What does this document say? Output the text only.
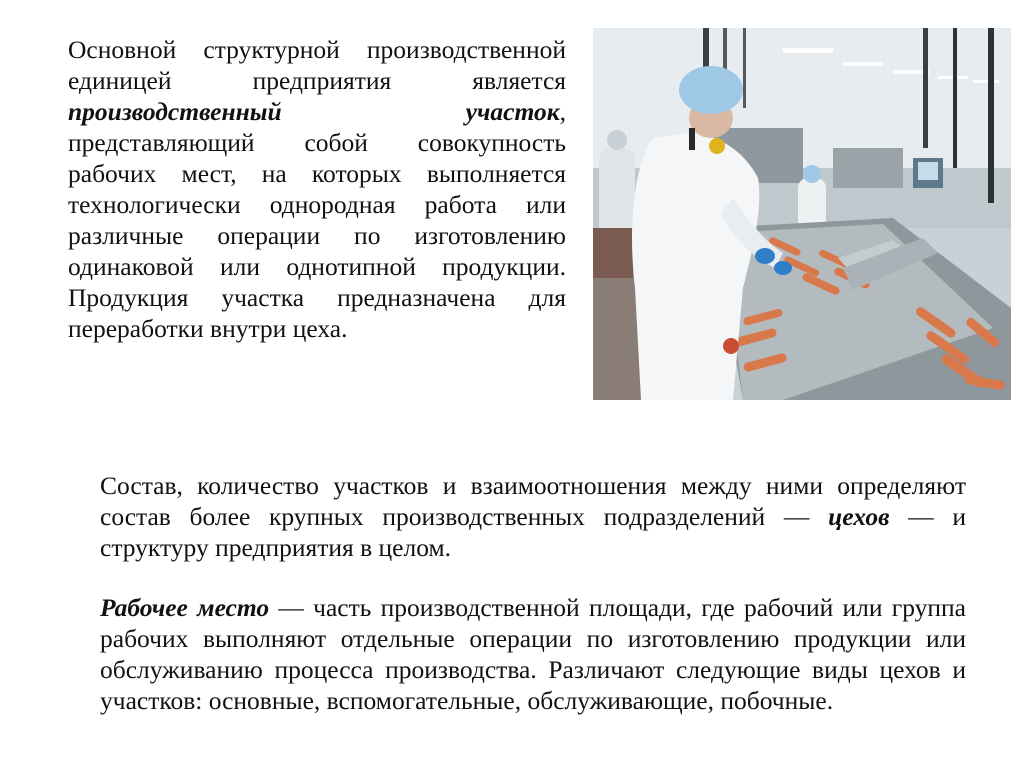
Основной структурной производственной единицей предприятия является производственный участок, представляющий собой совокупность рабочих мест, на которых выполняется технологически однородная работа или различные операции по изготовлению одинаковой или однотипной продукции. Продукция участка предназначена для переработки внутри цеха.

Состав, количество участков и взаимоотношения между ними определяют состав более крупных производственных подразделений — цехов — и структуру предприятия в целом.

Рабочее место — часть производственной площади, где рабочий или группа рабочих выполняют отдельные операции по изготовлению продукции или обслуживанию процесса производства. Различают следующие виды цехов и участков: основные, вспомогательные, обслуживающие, побочные.
